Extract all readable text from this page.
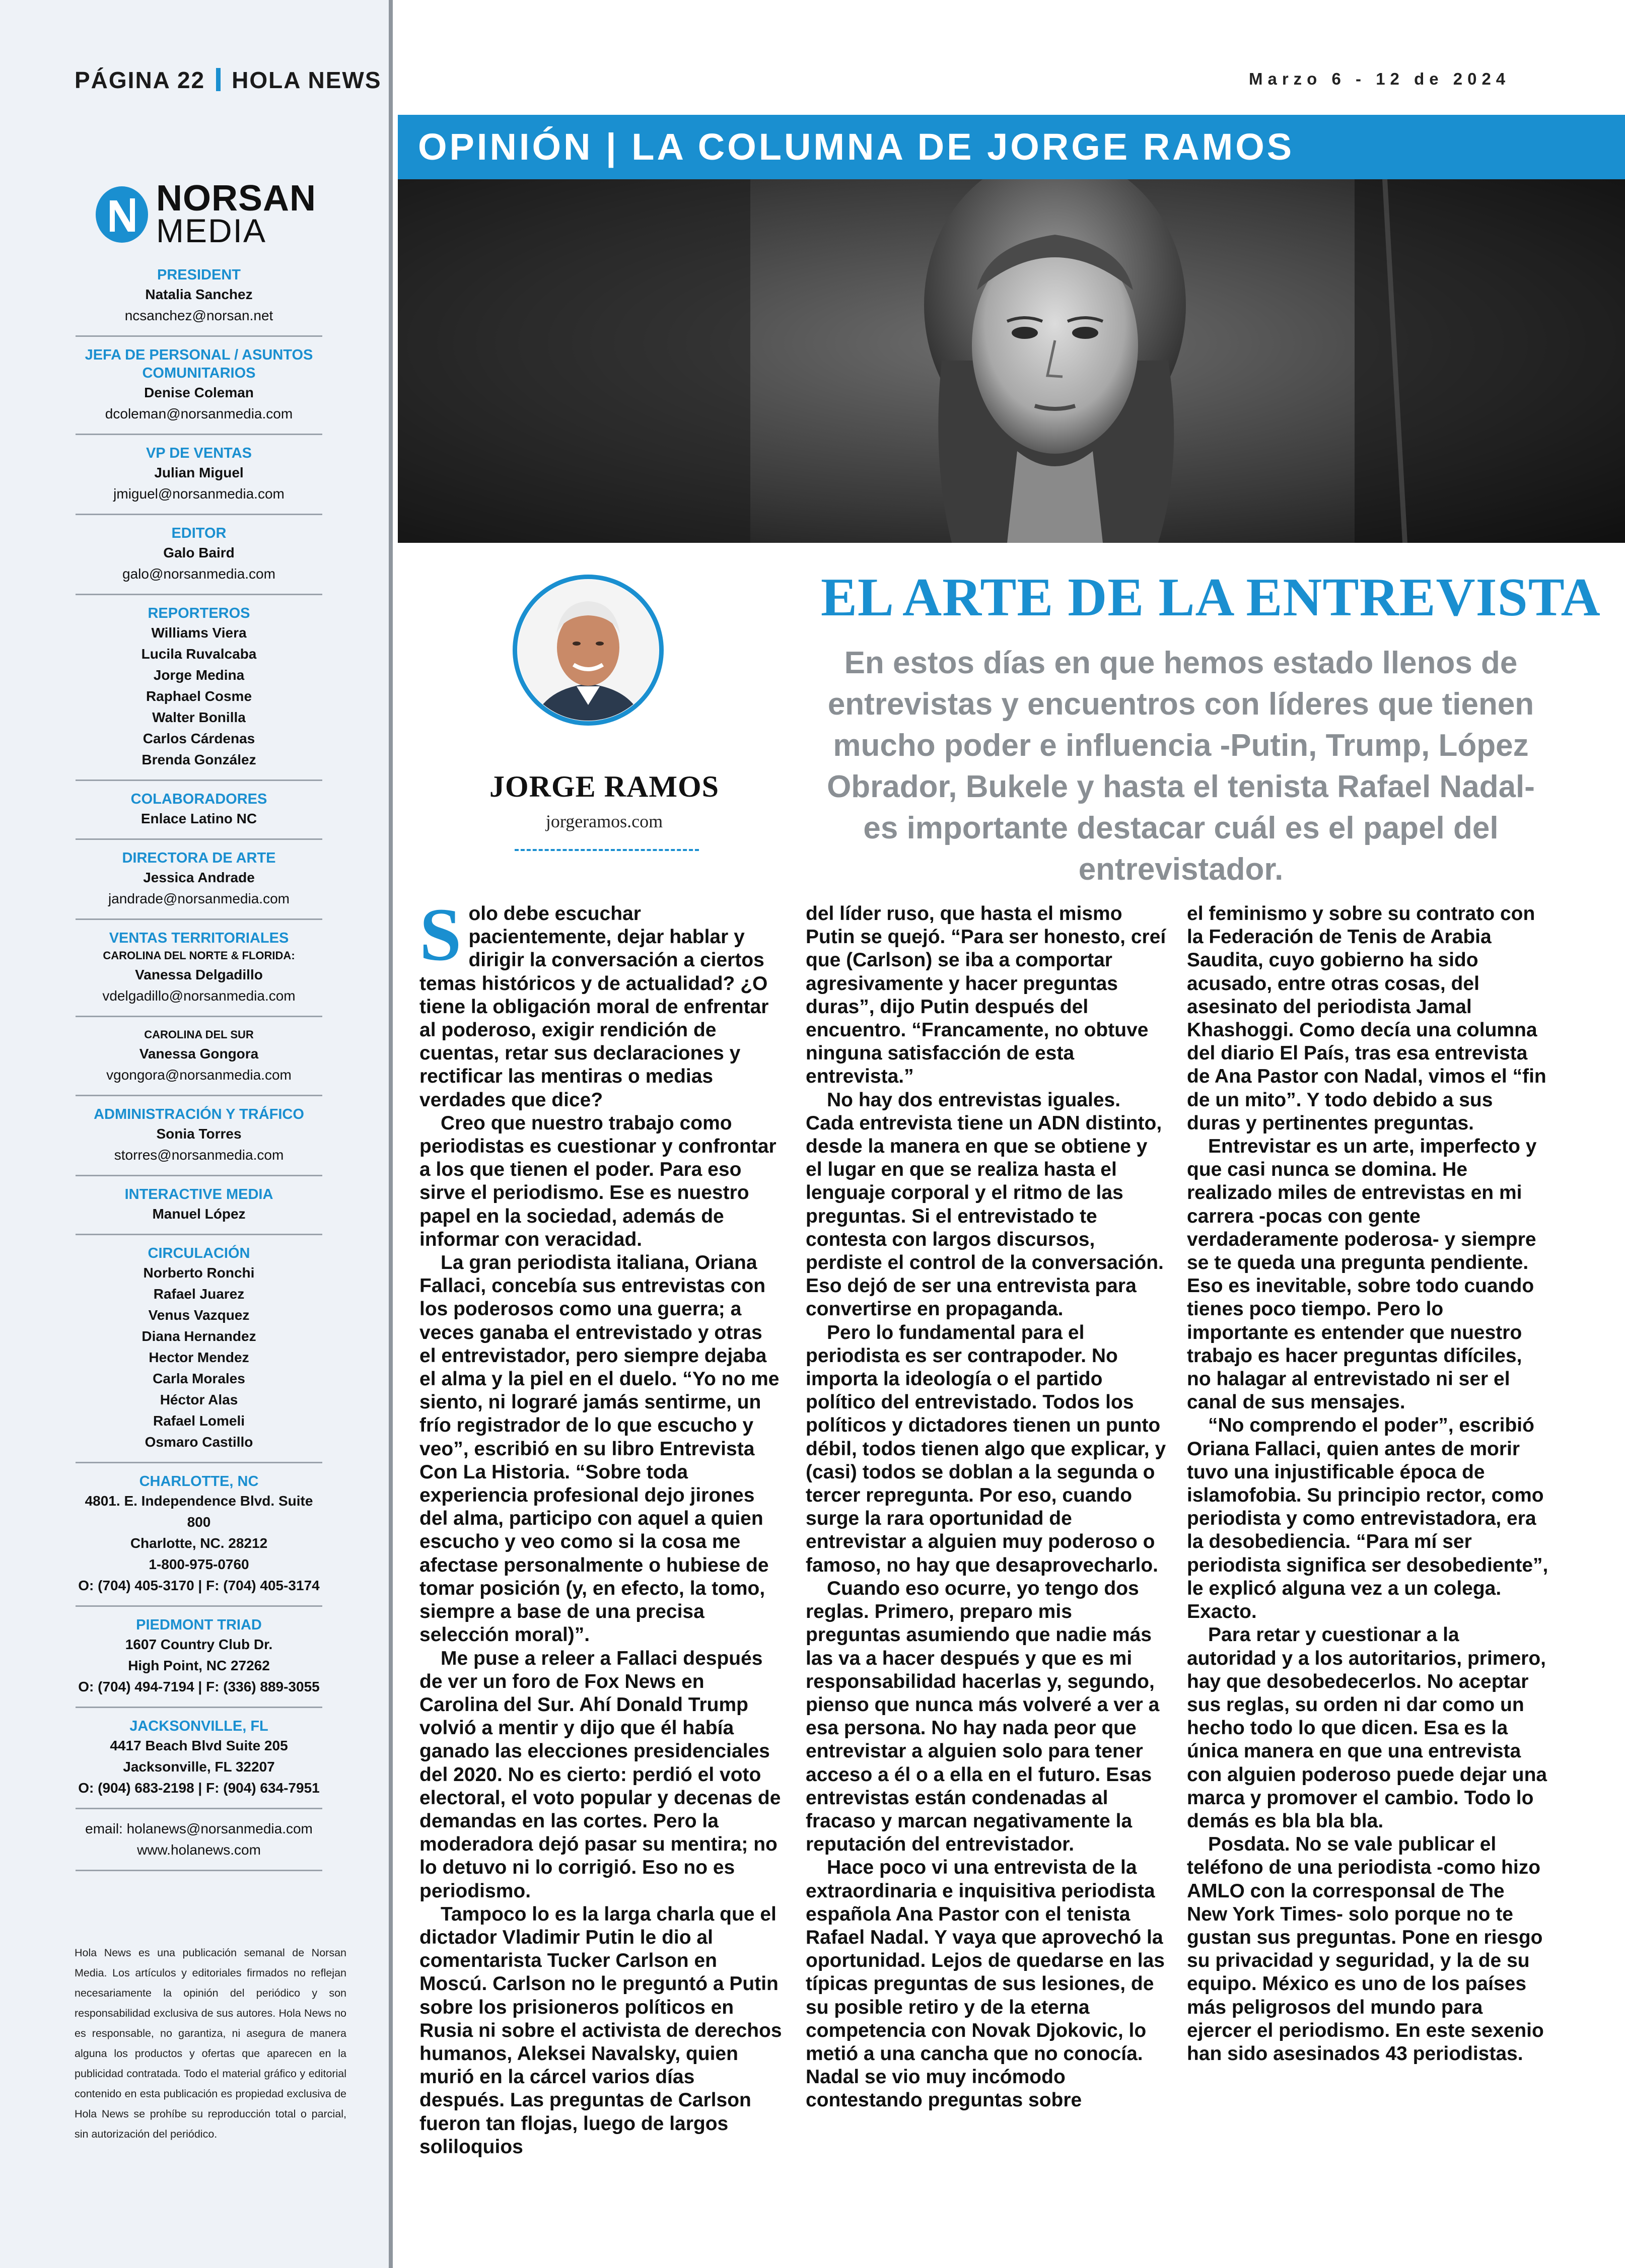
PÁGINA 22 HOLA NEWS
NORSAN
MEDIA
PRESIDENT
Natalia Sanchez
ncsanchez@norsan.net
JEFA DE PERSONAL / ASUNTOS COMUNITARIOS
Denise Coleman
dcoleman@norsanmedia.com
VP DE VENTAS
Julian Miguel
jmiguel@norsanmedia.com
EDITOR
Galo Baird
galo@norsanmedia.com
REPORTEROS
Williams Viera
Lucila Ruvalcaba
Jorge Medina
Raphael Cosme
Walter Bonilla
Carlos Cárdenas
Brenda González
COLABORADORES
Enlace Latino NC
DIRECTORA DE ARTE
Jessica Andrade
jandrade@norsanmedia.com
VENTAS TERRITORIALES
CAROLINA DEL NORTE & FLORIDA:
Vanessa Delgadillo
vdelgadillo@norsanmedia.com
CAROLINA DEL SUR
Vanessa Gongora
vgongora@norsanmedia.com
ADMINISTRACIÓN Y TRÁFICO
Sonia Torres
storres@norsanmedia.com
INTERACTIVE MEDIA
Manuel López
CIRCULACIÓN
Norberto Ronchi
Rafael Juarez
Venus Vazquez
Diana Hernandez
Hector Mendez
Carla Morales
Héctor Alas
Rafael Lomeli
Osmaro Castillo
CHARLOTTE, NC
4801. E. Independence Blvd. Suite 800
Charlotte, NC. 28212
1-800-975-0760
O: (704) 405-3170 | F: (704) 405-3174
PIEDMONT TRIAD
1607 Country Club Dr.
High Point, NC 27262
O: (704) 494-7194 | F: (336) 889-3055
JACKSONVILLE, FL
4417 Beach Blvd Suite 205
Jacksonville, FL 32207
O: (904) 683-2198 | F: (904) 634-7951
email: holanews@norsanmedia.com
www.holanews.com
Hola News es una publicación semanal de Norsan Media. Los artículos y editoriales firmados no reflejan necesariamente la opinión del periódico y son responsabilidad exclusiva de sus autores. Hola News no es responsable, no garantiza, ni asegura de manera alguna los productos y ofertas que aparecen en la publicidad contratada. Todo el material gráfico y editorial contenido en esta publicación es propiedad exclusiva de Hola News se prohíbe su reproducción total o parcial, sin autorización del periódico.
Marzo 6 - 12 de 2024
OPINIÓN | LA COLUMNA DE JORGE RAMOS
JORGE RAMOS
jorgeramos.com
EL ARTE DE LA ENTREVISTA
En estos días en que hemos estado llenos de entrevistas y encuentros con líderes que tienen mucho poder e influencia -Putin, Trump, López Obrador, Bukele y hasta el tenista Rafael Nadal- es importante destacar cuál es el papel del entrevistador.

Solo debe escuchar pacientemente, dejar hablar y dirigir la conversación a ciertos temas históricos y de actualidad? ¿O tiene la obligación moral de enfrentar al poderoso, exigir rendición de cuentas, retar sus declaraciones y rectificar las mentiras o medias verdades que dice?

Creo que nuestro trabajo como periodistas es cuestionar y confrontar a los que tienen el poder. Para eso sirve el periodismo. Ese es nuestro papel en la sociedad, además de informar con veracidad.

La gran periodista italiana, Oriana Fallaci, concebía sus entrevistas con los poderosos como una guerra; a veces ganaba el entrevistado y otras el entrevistador, pero siempre dejaba el alma y la piel en el duelo. “Yo no me siento, ni lograré jamás sentirme, un frío registrador de lo que escucho y veo”, escribió en su libro Entrevista Con La Historia. “Sobre toda experiencia profesional dejo jirones del alma, participo con aquel a quien escucho y veo como si la cosa me afectase personalmente o hubiese de tomar posición (y, en efecto, la tomo, siempre a base de una precisa selección moral)”.

Me puse a releer a Fallaci después de ver un foro de Fox News en Carolina del Sur. Ahí Donald Trump volvió a mentir y dijo que él había ganado las elecciones presidenciales del 2020. No es cierto: perdió el voto electoral, el voto popular y decenas de demandas en las cortes. Pero la moderadora dejó pasar su mentira; no lo detuvo ni lo corrigió. Eso no es periodismo.

Tampoco lo es la larga charla que el dictador Vladimir Putin le dio al comentarista Tucker Carlson en Moscú. Carlson no le preguntó a Putin sobre los prisioneros políticos en Rusia ni sobre el activista de derechos humanos, Aleksei Navalsky, quien murió en la cárcel varios días después. Las preguntas de Carlson fueron tan flojas, luego de largos soliloquios

del líder ruso, que hasta el mismo Putin se quejó. “Para ser honesto, creí que (Carlson) se iba a comportar agresivamente y hacer preguntas duras”, dijo Putin después del encuentro. “Francamente, no obtuve ninguna satisfacción de esta entrevista.”

No hay dos entrevistas iguales. Cada entrevista tiene un ADN distinto, desde la manera en que se obtiene y el lugar en que se realiza hasta el lenguaje corporal y el ritmo de las preguntas. Si el entrevistado te contesta con largos discursos, perdiste el control de la conversación. Eso dejó de ser una entrevista para convertirse en propaganda.

Pero lo fundamental para el periodista es ser contrapoder. No importa la ideología o el partido político del entrevistado. Todos los políticos y dictadores tienen un punto débil, todos tienen algo que explicar, y (casi) todos se doblan a la segunda o tercer repregunta. Por eso, cuando surge la rara oportunidad de entrevistar a alguien muy poderoso o famoso, no hay que desaprovecharlo.

Cuando eso ocurre, yo tengo dos reglas. Primero, preparo mis preguntas asumiendo que nadie más las va a hacer después y que es mi responsabilidad hacerlas y, segundo, pienso que nunca más volveré a ver a esa persona. No hay nada peor que entrevistar a alguien solo para tener acceso a él o a ella en el futuro. Esas entrevistas están condenadas al fracaso y marcan negativamente la reputación del entrevistador.

Hace poco vi una entrevista de la extraordinaria e inquisitiva periodista española Ana Pastor con el tenista Rafael Nadal. Y vaya que aprovechó la oportunidad. Lejos de quedarse en las típicas preguntas de sus lesiones, de su posible retiro y de la eterna competencia con Novak Djokovic, lo metió a una cancha que no conocía. Nadal se vio muy incómodo contestando preguntas sobre

el feminismo y sobre su contrato con la Federación de Tenis de Arabia Saudita, cuyo gobierno ha sido acusado, entre otras cosas, del asesinato del periodista Jamal Khashoggi. Como decía una columna del diario El País, tras esa entrevista de Ana Pastor con Nadal, vimos el “fin de un mito”. Y todo debido a sus duras y pertinentes preguntas.

Entrevistar es un arte, imperfecto y que casi nunca se domina. He realizado miles de entrevistas en mi carrera -pocas con gente verdaderamente poderosa- y siempre se te queda una pregunta pendiente. Eso es inevitable, sobre todo cuando tienes poco tiempo. Pero lo importante es entender que nuestro trabajo es hacer preguntas difíciles, no halagar al entrevistado ni ser el canal de sus mensajes.

“No comprendo el poder”, escribió Oriana Fallaci, quien antes de morir tuvo una injustificable época de islamofobia. Su principio rector, como periodista y como entrevistadora, era la desobediencia. “Para mí ser periodista significa ser desobediente”, le explicó alguna vez a un colega. Exacto.

Para retar y cuestionar a la autoridad y a los autoritarios, primero, hay que desobedecerlos. No aceptar sus reglas, su orden ni dar como un hecho todo lo que dicen. Esa es la única manera en que una entrevista con alguien poderoso puede dejar una marca y promover el cambio. Todo lo demás es bla bla bla.

Posdata. No se vale publicar el teléfono de una periodista -como hizo AMLO con la corresponsal de The New York Times- solo porque no te gustan sus preguntas. Pone en riesgo su privacidad y seguridad, y la de su equipo. México es uno de los países más peligrosos del mundo para ejercer el periodismo. En este sexenio han sido asesinados 43 periodistas.
